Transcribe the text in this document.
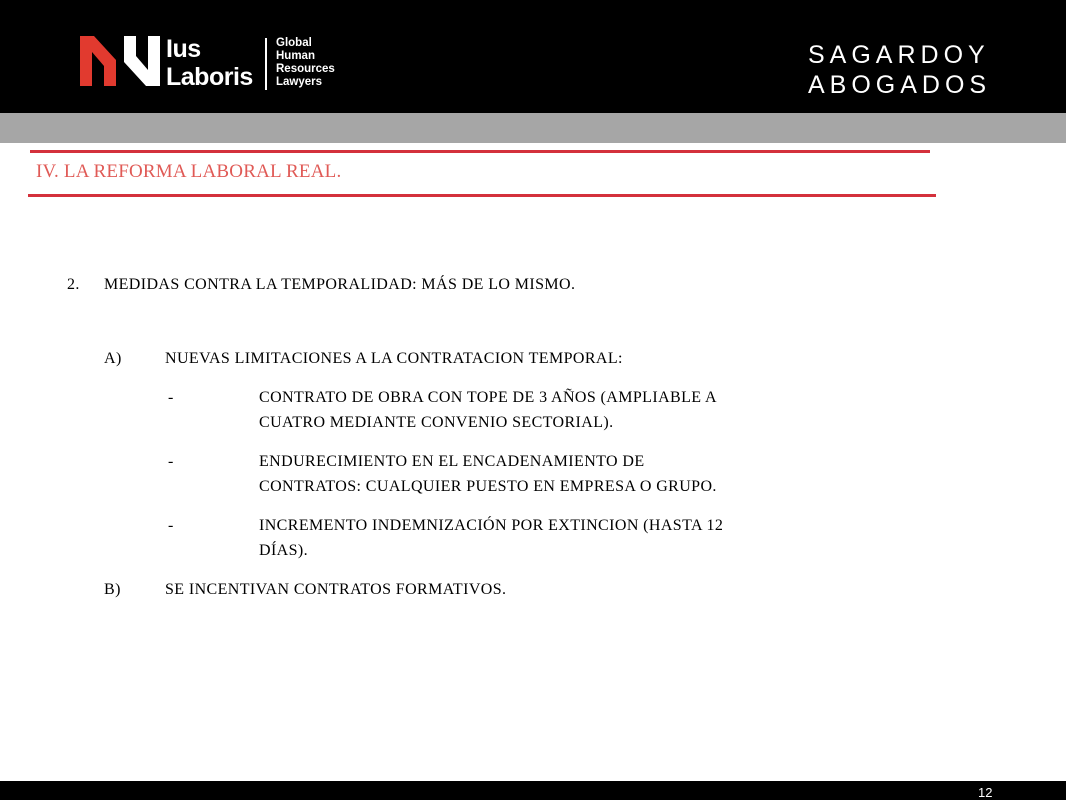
Ius
Laboris
Global
Human
Resources
Lawyers
SAGARDOY
ABOGADOS
IV. LA REFORMA LABORAL REAL.
2. MEDIDAS CONTRA LA TEMPORALIDAD: MÁS DE LO MISMO.
A)	NUEVAS LIMITACIONES A LA CONTRATACION TEMPORAL:
-	CONTRATO DE OBRA CON TOPE DE 3 AÑOS (AMPLIABLE A
CUATRO MEDIANTE CONVENIO SECTORIAL).
-	ENDURECIMIENTO EN EL ENCADENAMIENTO DE
CONTRATOS: CUALQUIER PUESTO EN EMPRESA O GRUPO.
-	INCREMENTO INDEMNIZACIÓN POR EXTINCION (HASTA 12
DÍAS).
B)	SE INCENTIVAN CONTRATOS FORMATIVOS.
12
